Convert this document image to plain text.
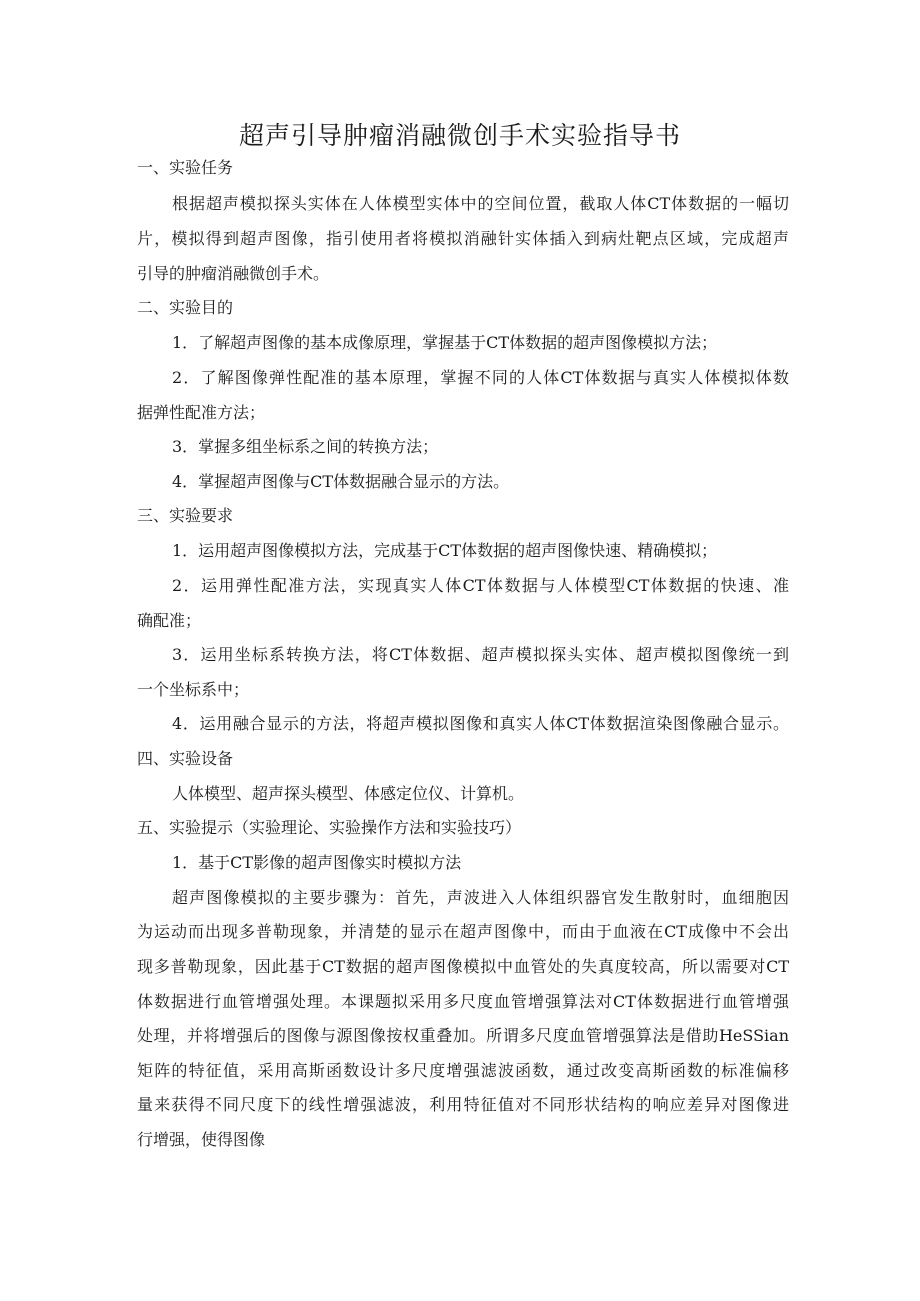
超声引导肿瘤消融微创手术实验指导书
一、实验任务
根据超声模拟探头实体在人体模型实体中的空间位置，截取人体CT体数据的一幅切
片，模拟得到超声图像，指引使用者将模拟消融针实体插入到病灶靶点区域，完成超声
引导的肿瘤消融微创手术。
二、实验目的
1．了解超声图像的基本成像原理，掌握基于CT体数据的超声图像模拟方法；
2．了解图像弹性配准的基本原理，掌握不同的人体CT体数据与真实人体模拟体数
据弹性配准方法；
3．掌握多组坐标系之间的转换方法；
4．掌握超声图像与CT体数据融合显示的方法。
三、实验要求
1．运用超声图像模拟方法，完成基于CT体数据的超声图像快速、精确模拟；
2．运用弹性配准方法，实现真实人体CT体数据与人体模型CT体数据的快速、准
确配准；
3．运用坐标系转换方法，将CT体数据、超声模拟探头实体、超声模拟图像统一到
一个坐标系中；
4．运用融合显示的方法，将超声模拟图像和真实人体CT体数据渲染图像融合显示。
四、实验设备
人体模型、超声探头模型、体感定位仪、计算机。
五、实验提示（实验理论、实验操作方法和实验技巧）
1．基于CT影像的超声图像实时模拟方法
超声图像模拟的主要步骤为：首先，声波进入人体组织器官发生散射时，血细胞因
为运动而出现多普勒现象，并清楚的显示在超声图像中，而由于血液在CT成像中不会出
现多普勒现象，因此基于CT数据的超声图像模拟中血管处的失真度较高，所以需要对CT
体数据进行血管增强处理。本课题拟采用多尺度血管增强算法对CT体数据进行血管增强
处理，并将增强后的图像与源图像按权重叠加。所谓多尺度血管增强算法是借助HeSSian
矩阵的特征值，采用高斯函数设计多尺度增强滤波函数，通过改变高斯函数的标准偏移
量来获得不同尺度下的线性增强滤波，利用特征值对不同形状结构的响应差异对图像进
行增强，使得图像
